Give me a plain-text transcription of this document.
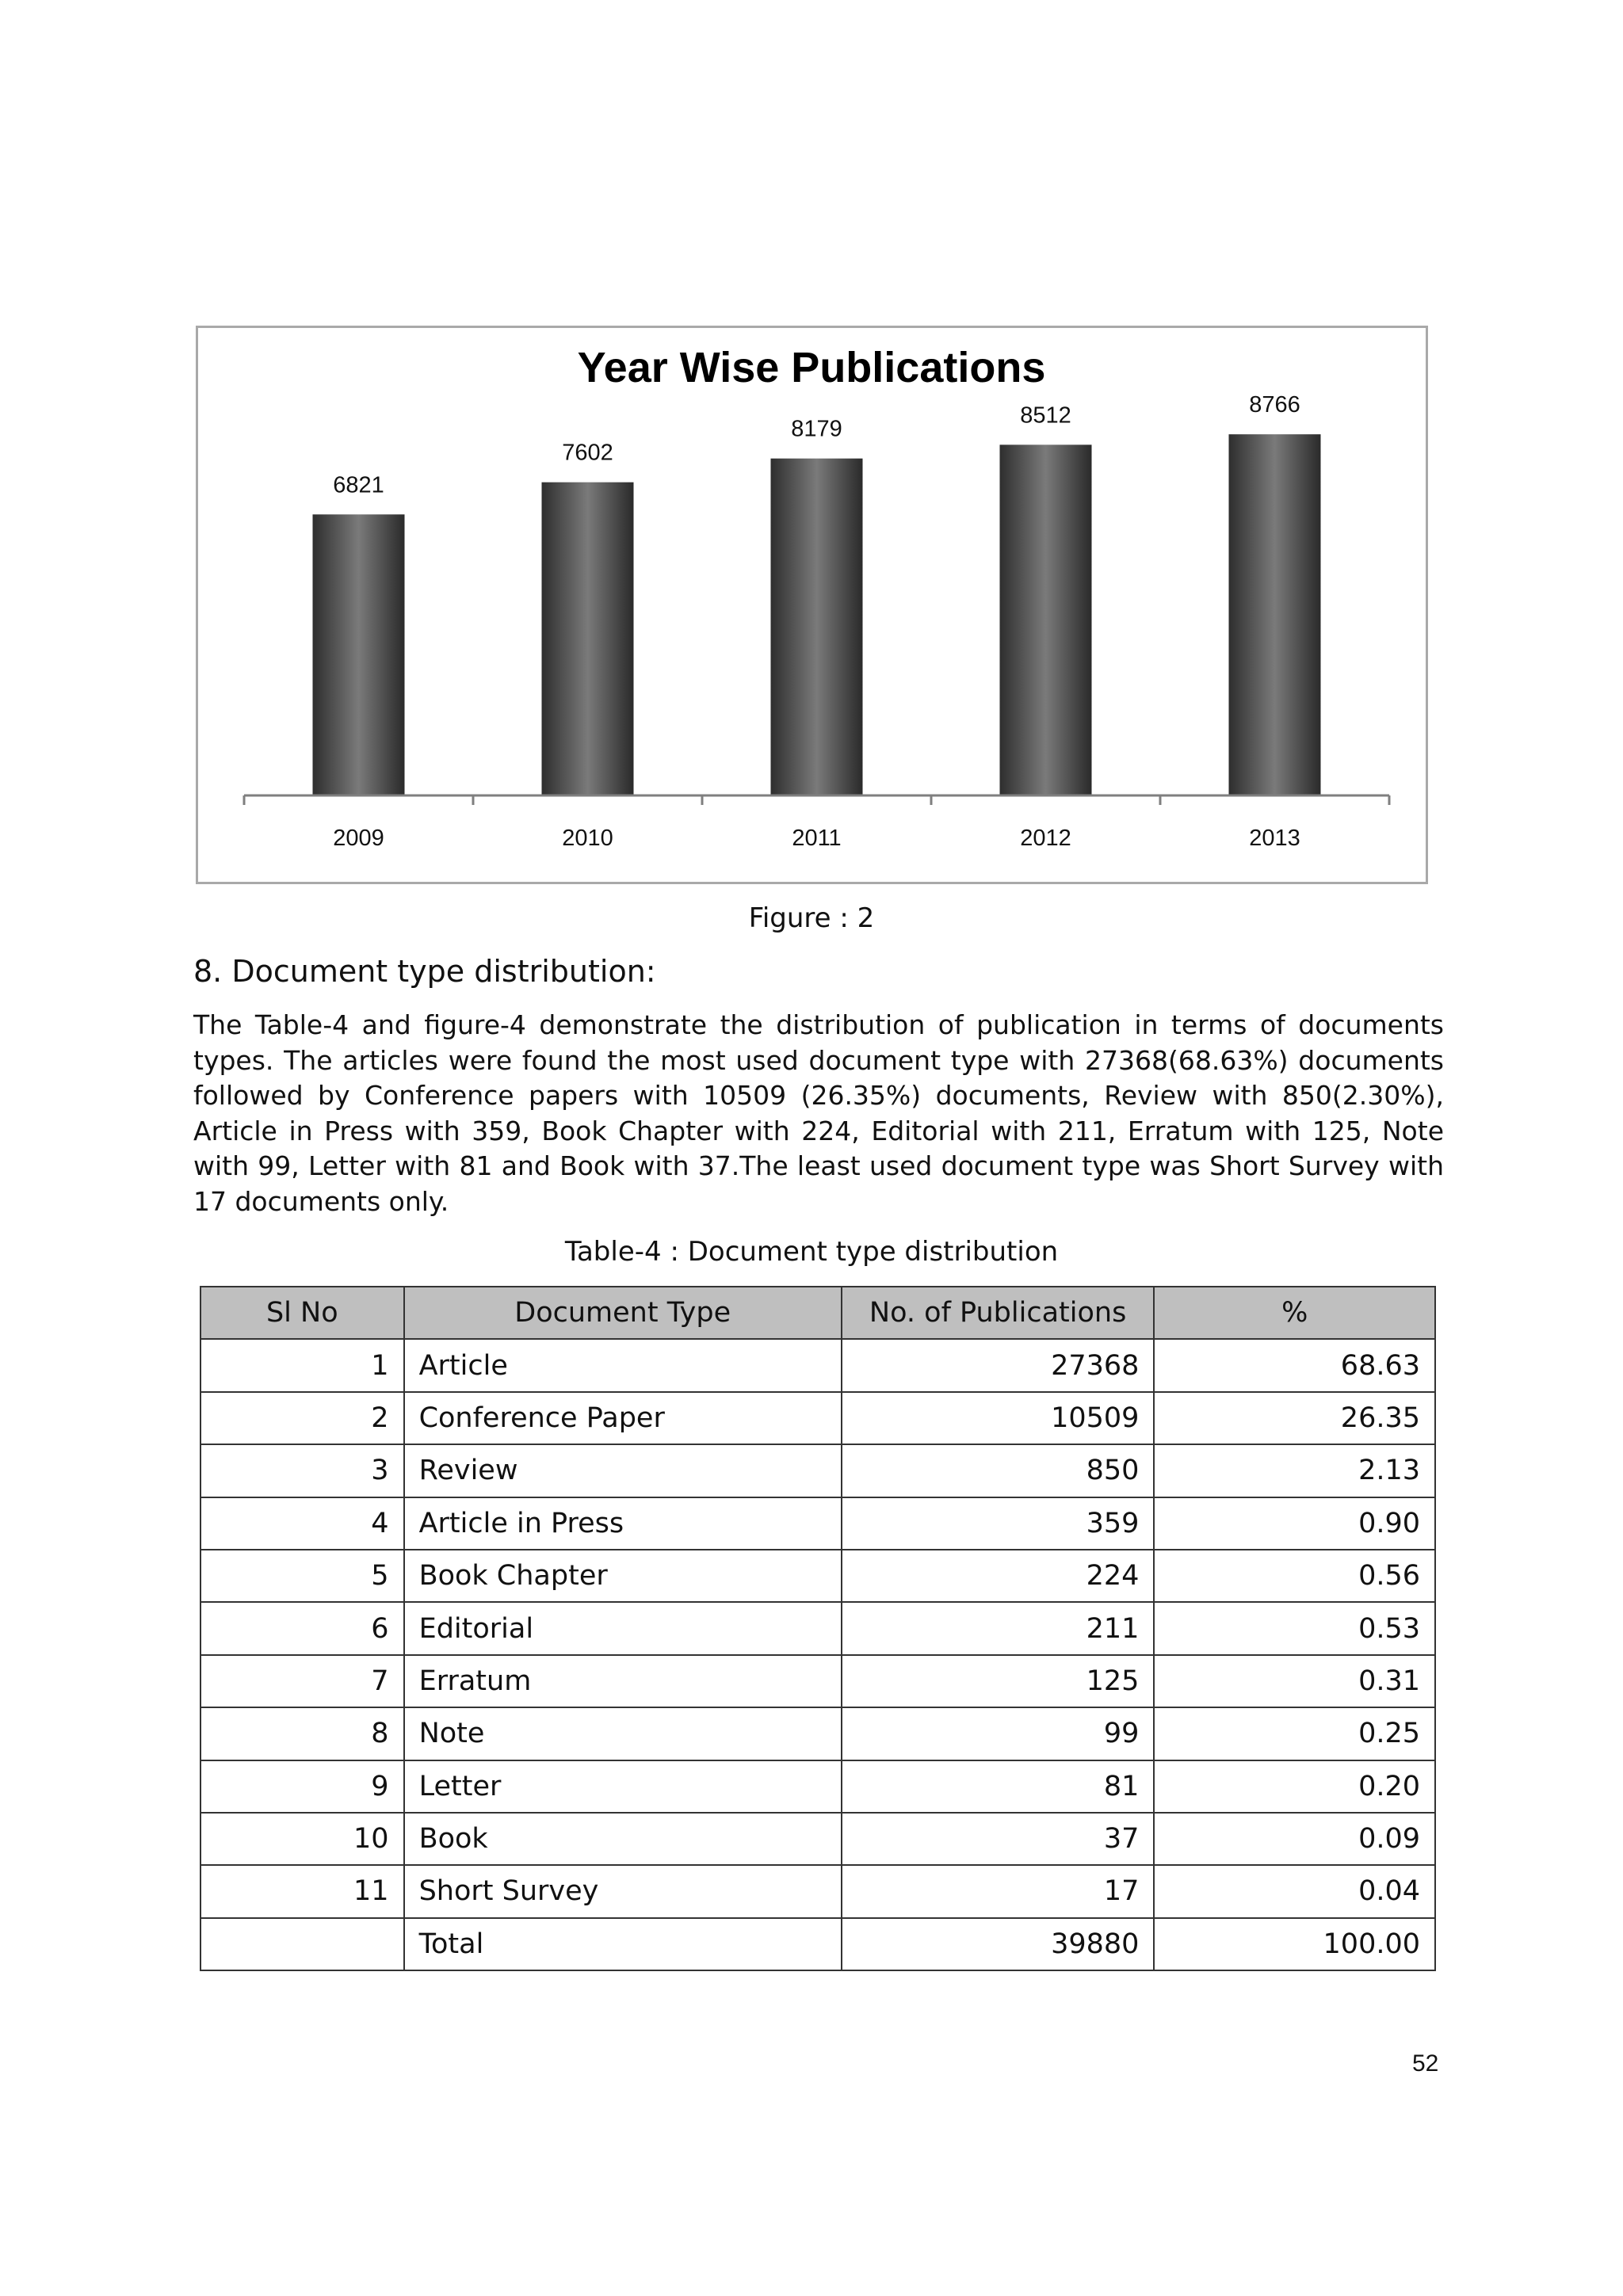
Year Wise Publications
6821
7602
8179
8512	8766
2009	2010	2011	2012	2013
Figure : 2
8. Document type distribution:

The Table-4 and figure-4 demonstrate the distribution of publication in terms of documents types. The articles were found the most used document type with 27368(68.63%) documents followed by Conference papers with 10509 (26.35%) documents, Review with 850(2.30%), Article in Press with 359, Book Chapter with 224, Editorial with 211, Erratum with 125, Note with 99, Letter with 81 and Book with 37.The least used document type was Short Survey with 17 documents only.

Table-4 : Document type distribution
Sl No	Document Type	No. of Publications	%
1	Article	27368	68.63
2	Conference Paper	10509	26.35
3	Review	850	2.13
4	Article in Press	359	0.90
5	Book Chapter	224	0.56
6	Editorial	211	0.53
7	Erratum	125	0.31
8	Note	99	0.25
9	Letter	81	0.20
10	Book	37	0.09
11	Short Survey	17	0.04
	Total	39880	100.00
52
